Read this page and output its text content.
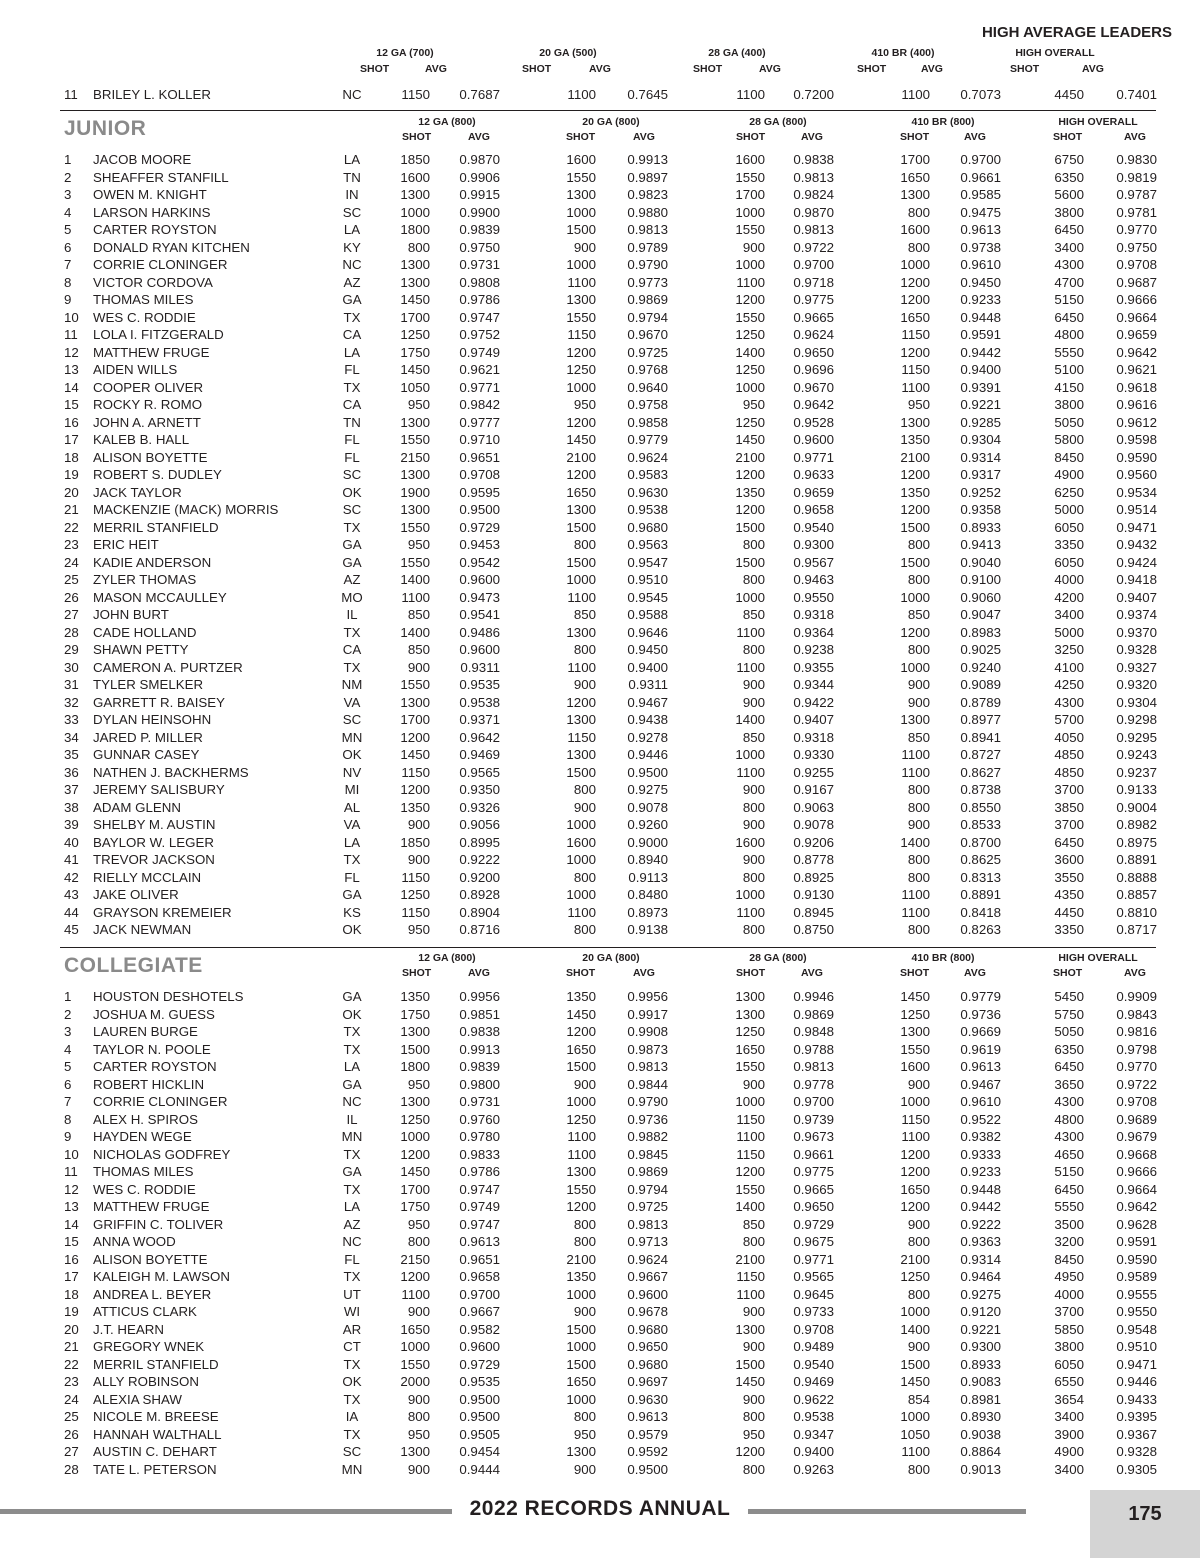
HIGH AVERAGE LEADERS
12 GA (700)	20 GA (500)	28 GA (400)	410 BR (400)	HIGH OVERALL
SHOT	AVG	SHOT	AVG	SHOT	AVG	SHOT	AVG	SHOT	AVG
11 BRILEY L. KOLLER	NC	1150 0.7687	1100 0.7645	1100 0.7200	1100 0.7073	4450 0.7401
JUNIOR	12 GA (800)	20 GA (800)	28 GA (800)	410 BR (800)	HIGH OVERALL
SHOT	AVG	SHOT	AVG	SHOT	AVG	SHOT	AVG	SHOT	AVG
1 JACOB MOORE	LA	1850 0.9870	1600 0.9913	1600 0.9838	1700 0.9700	6750 0.9830
2 SHEAFFER STANFILL	TN	1600 0.9906	1550 0.9897	1550 0.9813	1650 0.9661	6350 0.9819
3 OWEN M. KNIGHT	IN	1300 0.9915	1300 0.9823	1700 0.9824	1300 0.9585	5600 0.9787
4 LARSON HARKINS	SC	1000 0.9900	1000 0.9880	1000 0.9870	800 0.9475	3800 0.9781
5 CARTER ROYSTON	LA	1800 0.9839	1500 0.9813	1550 0.9813	1600 0.9613	6450 0.9770
6 DONALD RYAN KITCHEN	KY	800 0.9750	900 0.9789	900 0.9722	800 0.9738	3400 0.9750
7 CORRIE CLONINGER	NC	1300 0.9731	1000 0.9790	1000 0.9700	1000 0.9610	4300 0.9708
8 VICTOR CORDOVA	AZ	1300 0.9808	1100 0.9773	1100 0.9718	1200 0.9450	4700 0.9687
9 THOMAS MILES	GA	1450 0.9786	1300 0.9869	1200 0.9775	1200 0.9233	5150 0.9666
10 WES C. RODDIE	TX	1700 0.9747	1550 0.9794	1550 0.9665	1650 0.9448	6450 0.9664
11 LOLA I. FITZGERALD	CA	1250 0.9752	1150 0.9670	1250 0.9624	1150 0.9591	4800 0.9659
12 MATTHEW FRUGE	LA	1750 0.9749	1200 0.9725	1400 0.9650	1200 0.9442	5550 0.9642
13 AIDEN WILLS	FL	1450 0.9621	1250 0.9768	1250 0.9696	1150 0.9400	5100 0.9621
14 COOPER OLIVER	TX	1050 0.9771	1000 0.9640	1000 0.9670	1100 0.9391	4150 0.9618
15 ROCKY R. ROMO	CA	950 0.9842	950 0.9758	950 0.9642	950 0.9221	3800 0.9616
16 JOHN A. ARNETT	TN	1300 0.9777	1200 0.9858	1250 0.9528	1300 0.9285	5050 0.9612
17 KALEB B. HALL	FL	1550 0.9710	1450 0.9779	1450 0.9600	1350 0.9304	5800 0.9598
18 ALISON BOYETTE	FL	2150 0.9651	2100 0.9624	2100 0.9771	2100 0.9314	8450 0.9590
19 ROBERT S. DUDLEY	SC	1300 0.9708	1200 0.9583	1200 0.9633	1200 0.9317	4900 0.9560
20 JACK TAYLOR	OK	1900 0.9595	1650 0.9630	1350 0.9659	1350 0.9252	6250 0.9534
21 MACKENZIE (MACK) MORRIS	SC	1300 0.9500	1300 0.9538	1200 0.9658	1200 0.9358	5000 0.9514
22 MERRIL STANFIELD	TX	1550 0.9729	1500 0.9680	1500 0.9540	1500 0.8933	6050 0.9471
23 ERIC HEIT	GA	950 0.9453	800 0.9563	800 0.9300	800 0.9413	3350 0.9432
24 KADIE ANDERSON	GA	1550 0.9542	1500 0.9547	1500 0.9567	1500 0.9040	6050 0.9424
25 ZYLER THOMAS	AZ	1400 0.9600	1000 0.9510	800 0.9463	800 0.9100	4000 0.9418
26 MASON MCCAULLEY	MO	1100 0.9473	1100 0.9545	1000 0.9550	1000 0.9060	4200 0.9407
27 JOHN BURT	IL	850 0.9541	850 0.9588	850 0.9318	850 0.9047	3400 0.9374
28 CADE HOLLAND	TX	1400 0.9486	1300 0.9646	1100 0.9364	1200 0.8983	5000 0.9370
29 SHAWN PETTY	CA	850 0.9600	800 0.9450	800 0.9238	800 0.9025	3250 0.9328
30 CAMERON A. PURTZER	TX	900 0.9311	1100 0.9400	1100 0.9355	1000 0.9240	4100 0.9327
31 TYLER SMELKER	NM	1550 0.9535	900 0.9311	900 0.9344	900 0.9089	4250 0.9320
32 GARRETT R. BAISEY	VA	1300 0.9538	1200 0.9467	900 0.9422	900 0.8789	4300 0.9304
33 DYLAN HEINSOHN	SC	1700 0.9371	1300 0.9438	1400 0.9407	1300 0.8977	5700 0.9298
34 JARED P. MILLER	MN	1200 0.9642	1150 0.9278	850 0.9318	850 0.8941	4050 0.9295
35 GUNNAR CASEY	OK	1450 0.9469	1300 0.9446	1000 0.9330	1100 0.8727	4850 0.9243
36 NATHEN J. BACKHERMS	NV	1150 0.9565	1500 0.9500	1100 0.9255	1100 0.8627	4850 0.9237
37 JEREMY SALISBURY	MI	1200 0.9350	800 0.9275	900 0.9167	800 0.8738	3700 0.9133
38 ADAM GLENN	AL	1350 0.9326	900 0.9078	800 0.9063	800 0.8550	3850 0.9004
39 SHELBY M. AUSTIN	VA	900 0.9056	1000 0.9260	900 0.9078	900 0.8533	3700 0.8982
40 BAYLOR W. LEGER	LA	1850 0.8995	1600 0.9000	1600 0.9206	1400 0.8700	6450 0.8975
41 TREVOR JACKSON	TX	900 0.9222	1000 0.8940	900 0.8778	800 0.8625	3600 0.8891
42 RIELLY MCCLAIN	FL	1150 0.9200	800 0.9113	800 0.8925	800 0.8313	3550 0.8888
43 JAKE OLIVER	GA	1250 0.8928	1000 0.8480	1000 0.9130	1100 0.8891	4350 0.8857
44 GRAYSON KREMEIER	KS	1150 0.8904	1100 0.8973	1100 0.8945	1100 0.8418	4450 0.8810
45 JACK NEWMAN	OK	950 0.8716	800 0.9138	800 0.8750	800 0.8263	3350 0.8717
COLLEGIATE	12 GA (800)	20 GA (800)	28 GA (800)	410 BR (800)	HIGH OVERALL
SHOT	AVG	SHOT	AVG	SHOT	AVG	SHOT	AVG	SHOT	AVG
1 HOUSTON DESHOTELS	GA	1350 0.9956	1350 0.9956	1300 0.9946	1450 0.9779	5450 0.9909
2 JOSHUA M. GUESS	OK	1750 0.9851	1450 0.9917	1300 0.9869	1250 0.9736	5750 0.9843
3 LAUREN BURGE	TX	1300 0.9838	1200 0.9908	1250 0.9848	1300 0.9669	5050 0.9816
4 TAYLOR N. POOLE	TX	1500 0.9913	1650 0.9873	1650 0.9788	1550 0.9619	6350 0.9798
5 CARTER ROYSTON	LA	1800 0.9839	1500 0.9813	1550 0.9813	1600 0.9613	6450 0.9770
6 ROBERT HICKLIN	GA	950 0.9800	900 0.9844	900 0.9778	900 0.9467	3650 0.9722
7 CORRIE CLONINGER	NC	1300 0.9731	1000 0.9790	1000 0.9700	1000 0.9610	4300 0.9708
8 ALEX H. SPIROS	IL	1250 0.9760	1250 0.9736	1150 0.9739	1150 0.9522	4800 0.9689
9 HAYDEN WEGE	MN	1000 0.9780	1100 0.9882	1100 0.9673	1100 0.9382	4300 0.9679
10 NICHOLAS GODFREY	TX	1200 0.9833	1100 0.9845	1150 0.9661	1200 0.9333	4650 0.9668
11 THOMAS MILES	GA	1450 0.9786	1300 0.9869	1200 0.9775	1200 0.9233	5150 0.9666
12 WES C. RODDIE	TX	1700 0.9747	1550 0.9794	1550 0.9665	1650 0.9448	6450 0.9664
13 MATTHEW FRUGE	LA	1750 0.9749	1200 0.9725	1400 0.9650	1200 0.9442	5550 0.9642
14 GRIFFIN C. TOLIVER	AZ	950 0.9747	800 0.9813	850 0.9729	900 0.9222	3500 0.9628
15 ANNA WOOD	NC	800 0.9613	800 0.9713	800 0.9675	800 0.9363	3200 0.9591
16 ALISON BOYETTE	FL	2150 0.9651	2100 0.9624	2100 0.9771	2100 0.9314	8450 0.9590
17 KALEIGH M. LAWSON	TX	1200 0.9658	1350 0.9667	1150 0.9565	1250 0.9464	4950 0.9589
18 ANDREA L. BEYER	UT	1100 0.9700	1000 0.9600	1100 0.9645	800 0.9275	4000 0.9555
19 ATTICUS CLARK	WI	900 0.9667	900 0.9678	900 0.9733	1000 0.9120	3700 0.9550
20 J.T. HEARN	AR	1650 0.9582	1500 0.9680	1300 0.9708	1400 0.9221	5850 0.9548
21 GREGORY WNEK	CT	1000 0.9600	1000 0.9650	900 0.9489	900 0.9300	3800 0.9510
22 MERRIL STANFIELD	TX	1550 0.9729	1500 0.9680	1500 0.9540	1500 0.8933	6050 0.9471
23 ALLY ROBINSON	OK	2000 0.9535	1650 0.9697	1450 0.9469	1450 0.9083	6550 0.9446
24 ALEXIA SHAW	TX	900 0.9500	1000 0.9630	900 0.9622	854 0.8981	3654 0.9433
25 NICOLE M. BREESE	IA	800 0.9500	800 0.9613	800 0.9538	1000 0.8930	3400 0.9395
26 HANNAH WALTHALL	TX	950 0.9505	950 0.9579	950 0.9347	1050 0.9038	3900 0.9367
27 AUSTIN C. DEHART	SC	1300 0.9454	1300 0.9592	1200 0.9400	1100 0.8864	4900 0.9328
28 TATE L. PETERSON	MN	900 0.9444	900 0.9500	800 0.9263	800 0.9013	3400 0.9305
2022 RECORDS ANNUAL	175
